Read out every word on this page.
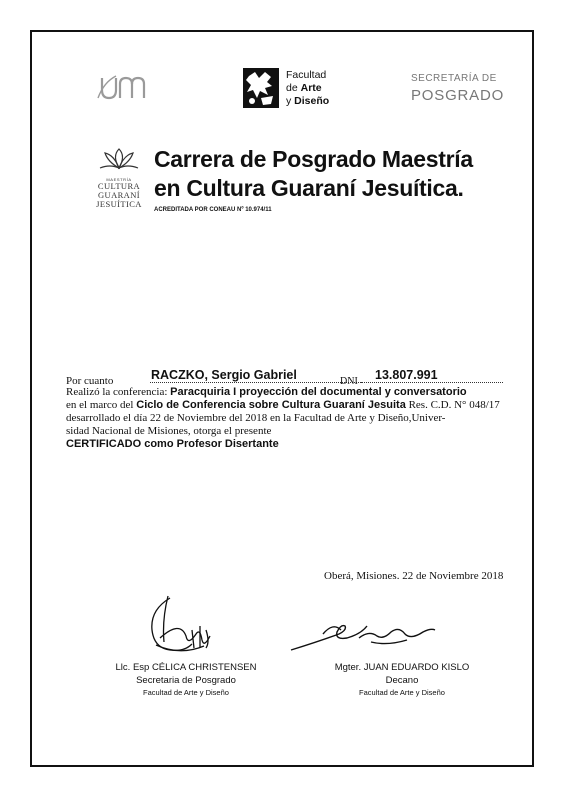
Facultad
de Arte
y Diseño
SECRETARÍA DE
POSGRADO
MAESTRÍA
CULTURA
GUARANÍ
JESUÍTICA
Carrera de Posgrado Maestría
en Cultura Guaraní Jesuítica.
ACREDITADA POR CONEAU Nº 10.974/11
Por cuanto	RACZKO, Sergio Gabriel	DNI	13.807.991
Realizó la conferencia: Paracquiria I proyección del documental y conversatorio
en el marco del Ciclo de Conferencia sobre Cultura Guaraní Jesuita Res. C.D. N° 048/17
desarrollado el día 22 de Noviembre del 2018 en la Facultad de Arte y Diseño,Univer-
sidad Nacional de Misiones, otorga el presente
CERTIFICADO como Profesor Disertante
Oberá, Misiones. 22 de Noviembre 2018
Llc. Esp CÉLICA CHRISTENSEN
Secretaria de Posgrado
Facultad de Arte y Diseño
Mgter. JUAN EDUARDO KISLO
Decano
Facultad de Arte y Diseño
